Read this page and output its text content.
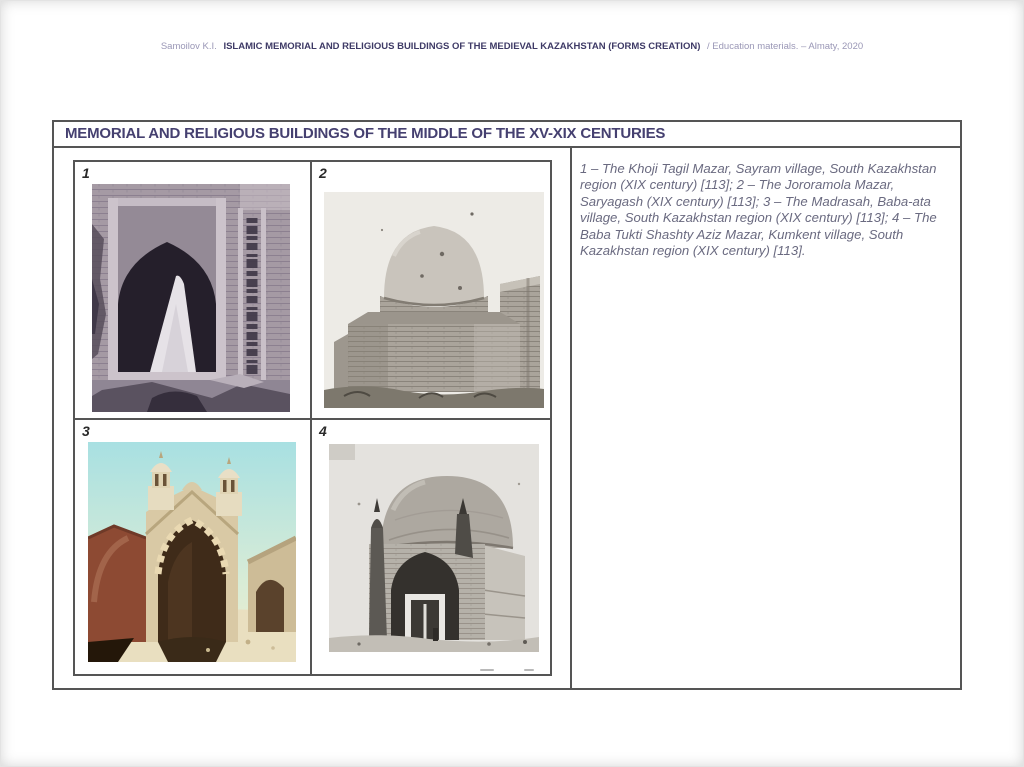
Samoilov K.I. ISLAMIC MEMORIAL AND RELIGIOUS BUILDINGS OF THE MEDIEVAL KAZAKHSTAN (FORMS CREATION) / Education materials. – Almaty, 2020
MEMORIAL AND RELIGIOUS BUILDINGS OF THE MIDDLE OF THE XV-XIX CENTURIES
1	2
3	4

1 – The Khoji Tagil Mazar, Sayram village, South Kazakhstan region (XIX century) [113]; 2 – The Jororamola Mazar, Saryagash (XIX century) [113]; 3 – The Madrasah, Baba-ata village, South Kazakhstan region (XIX century) [113]; 4 – The Baba Tukti Shashty Aziz Mazar, Kumkent village, South Kazakhstan region (XIX century) [113].
